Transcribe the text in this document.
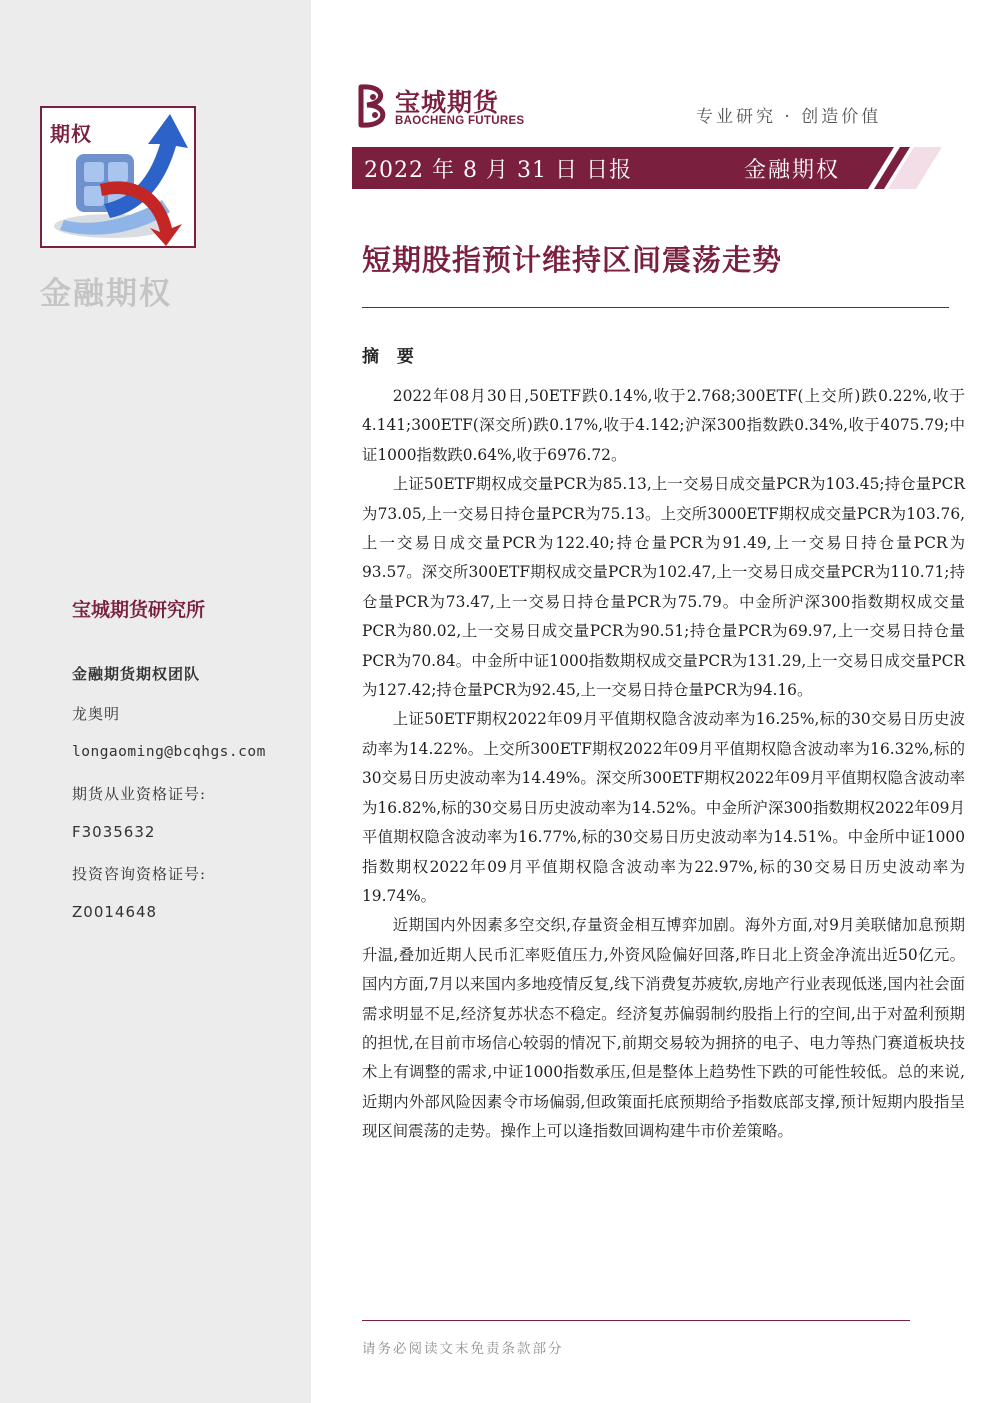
期权
金融期权
宝城期货研究所
金融期货期权团队
龙奥明
longaoming@bcqhgs.com
期货从业资格证号:
F3035632
投资咨询资格证号:
Z0014648
宝城期货
BAOCHENG FUTURES	专业研究 · 创造价值
2022 年 8 月 31 日 日报	金融期权
短期股指预计维持区间震荡走势
摘 要

2022年08月30日,50ETF跌0.14%,收于2.768;300ETF(上交所)跌0.22%,收于4.141;300ETF(深交所)跌0.17%,收于4.142;沪深300指数跌0.34%,收于4075.79;中证1000指数跌0.64%,收于6976.72。

上证50ETF期权成交量PCR为85.13,上一交易日成交量PCR为103.45;持仓量PCR为73.05,上一交易日持仓量PCR为75.13。上交所3000ETF期权成交量PCR为103.76,上一交易日成交量PCR为122.40;持仓量PCR为91.49,上一交易日持仓量PCR为93.57。深交所300ETF期权成交量PCR为102.47,上一交易日成交量PCR为110.71;持仓量PCR为73.47,上一交易日持仓量PCR为75.79。中金所沪深300指数期权成交量PCR为80.02,上一交易日成交量PCR为90.51;持仓量PCR为69.97,上一交易日持仓量PCR为70.84。中金所中证1000指数期权成交量PCR为131.29,上一交易日成交量PCR为127.42;持仓量PCR为92.45,上一交易日持仓量PCR为94.16。

上证50ETF期权2022年09月平值期权隐含波动率为16.25%,标的30交易日历史波动率为14.22%。上交所300ETF期权2022年09月平值期权隐含波动率为16.32%,标的30交易日历史波动率为14.49%。深交所300ETF期权2022年09月平值期权隐含波动率为16.82%,标的30交易日历史波动率为14.52%。中金所沪深300指数期权2022年09月平值期权隐含波动率为16.77%,标的30交易日历史波动率为14.51%。中金所中证1000指数期权2022年09月平值期权隐含波动率为22.97%,标的30交易日历史波动率为19.74%。

近期国内外因素多空交织,存量资金相互博弈加剧。海外方面,对9月美联储加息预期升温,叠加近期人民币汇率贬值压力,外资风险偏好回落,昨日北上资金净流出近50亿元。国内方面,7月以来国内多地疫情反复,线下消费复苏疲软,房地产行业表现低迷,国内社会面需求明显不足,经济复苏状态不稳定。经济复苏偏弱制约股指上行的空间,出于对盈利预期的担忧,在目前市场信心较弱的情况下,前期交易较为拥挤的电子、电力等热门赛道板块技术上有调整的需求,中证1000指数承压,但是整体上趋势性下跌的可能性较低。总的来说,近期内外部风险因素令市场偏弱,但政策面托底预期给予指数底部支撑,预计短期内股指呈现区间震荡的走势。操作上可以逢指数回调构建牛市价差策略。

请务必阅读文末免责条款部分
